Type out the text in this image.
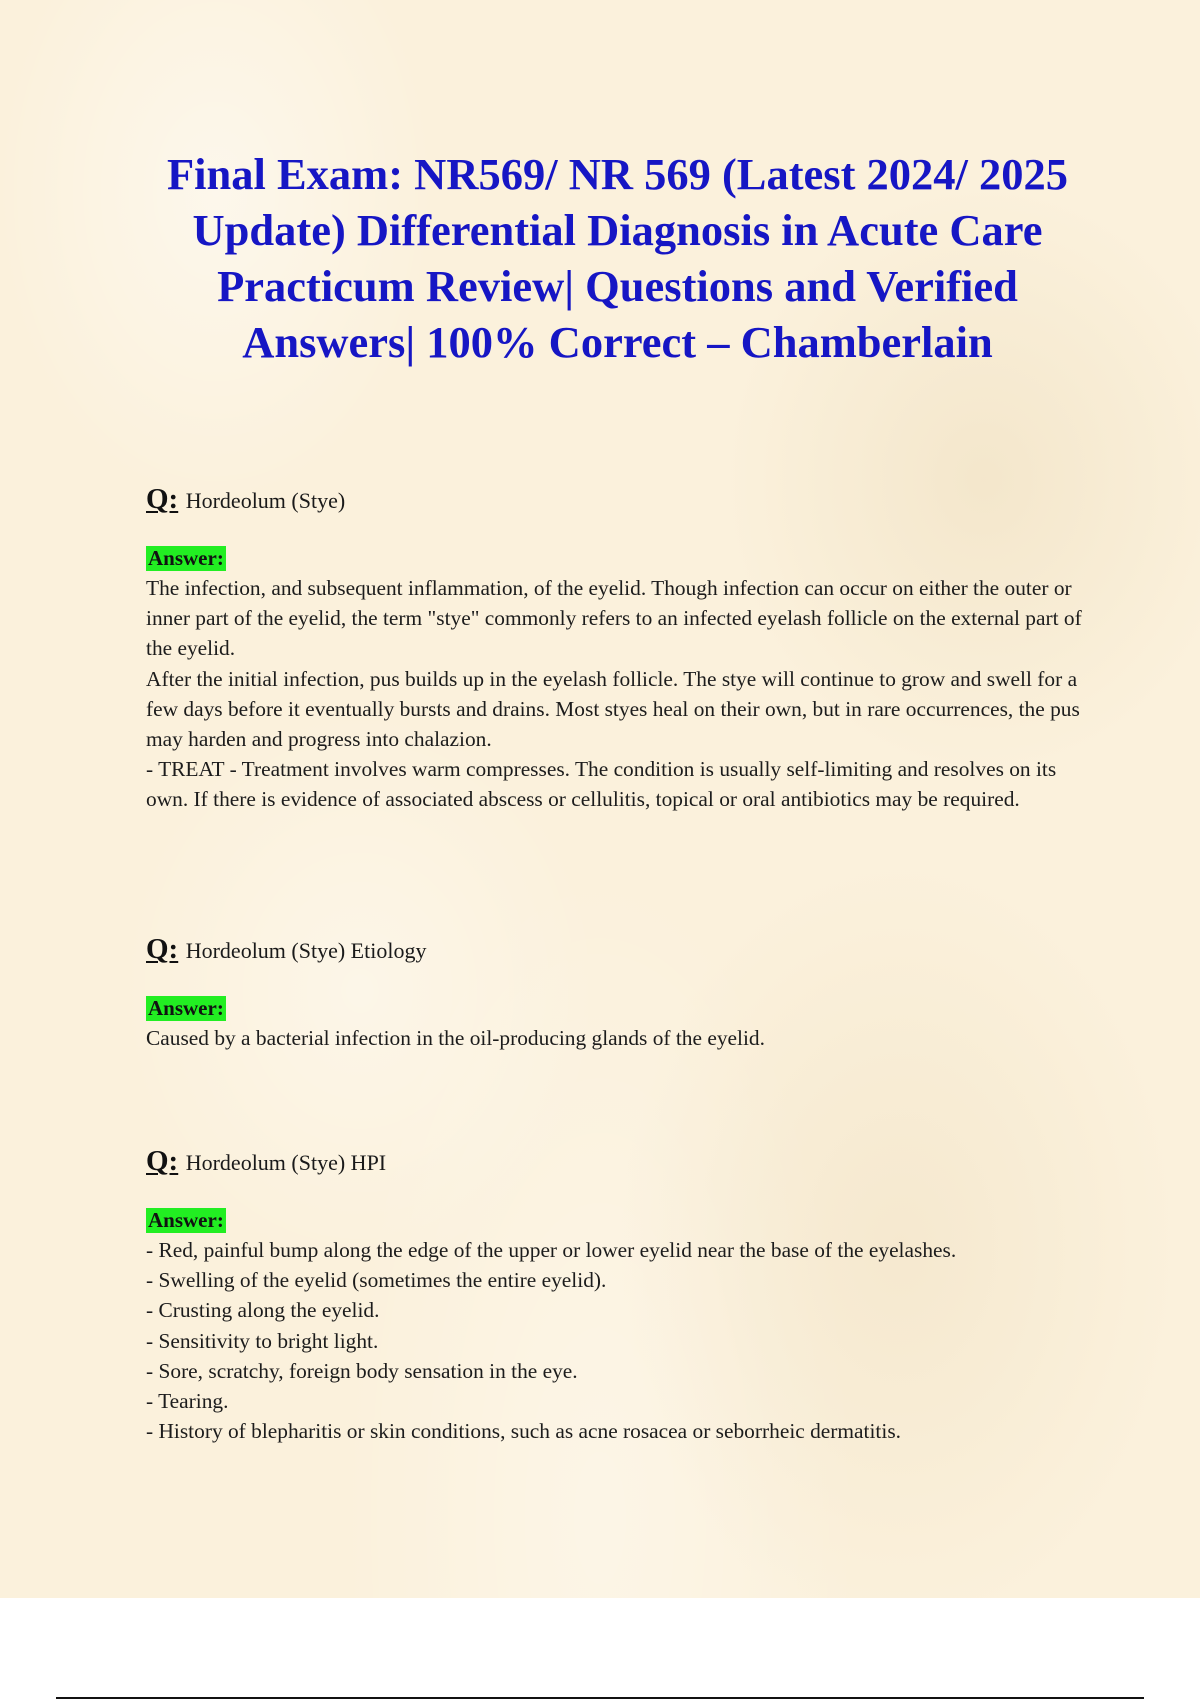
Final Exam: NR569/ NR 569 (Latest 2024/ 2025 Update) Differential Diagnosis in Acute Care Practicum Review| Questions and Verified Answers| 100% Correct – Chamberlain

Q: Hordeolum (Stye)

Answer:

The infection, and subsequent inflammation, of the eyelid. Though infection can occur on either the outer or inner part of the eyelid, the term "stye" commonly refers to an infected eyelash follicle on the external part of the eyelid.
After the initial infection, pus builds up in the eyelash follicle. The stye will continue to grow and swell for a few days before it eventually bursts and drains. Most styes heal on their own, but in rare occurrences, the pus may harden and progress into chalazion.
- TREAT - Treatment involves warm compresses. The condition is usually self-limiting and resolves on its own. If there is evidence of associated abscess or cellulitis, topical or oral antibiotics may be required.

Q: Hordeolum (Stye) Etiology

Answer:

Caused by a bacterial infection in the oil-producing glands of the eyelid.

Q: Hordeolum (Stye) HPI

Answer:

- Red, painful bump along the edge of the upper or lower eyelid near the base of the eyelashes.
- Swelling of the eyelid (sometimes the entire eyelid).
- Crusting along the eyelid.
- Sensitivity to bright light.
- Sore, scratchy, foreign body sensation in the eye.
- Tearing.
- History of blepharitis or skin conditions, such as acne rosacea or seborrheic dermatitis.
